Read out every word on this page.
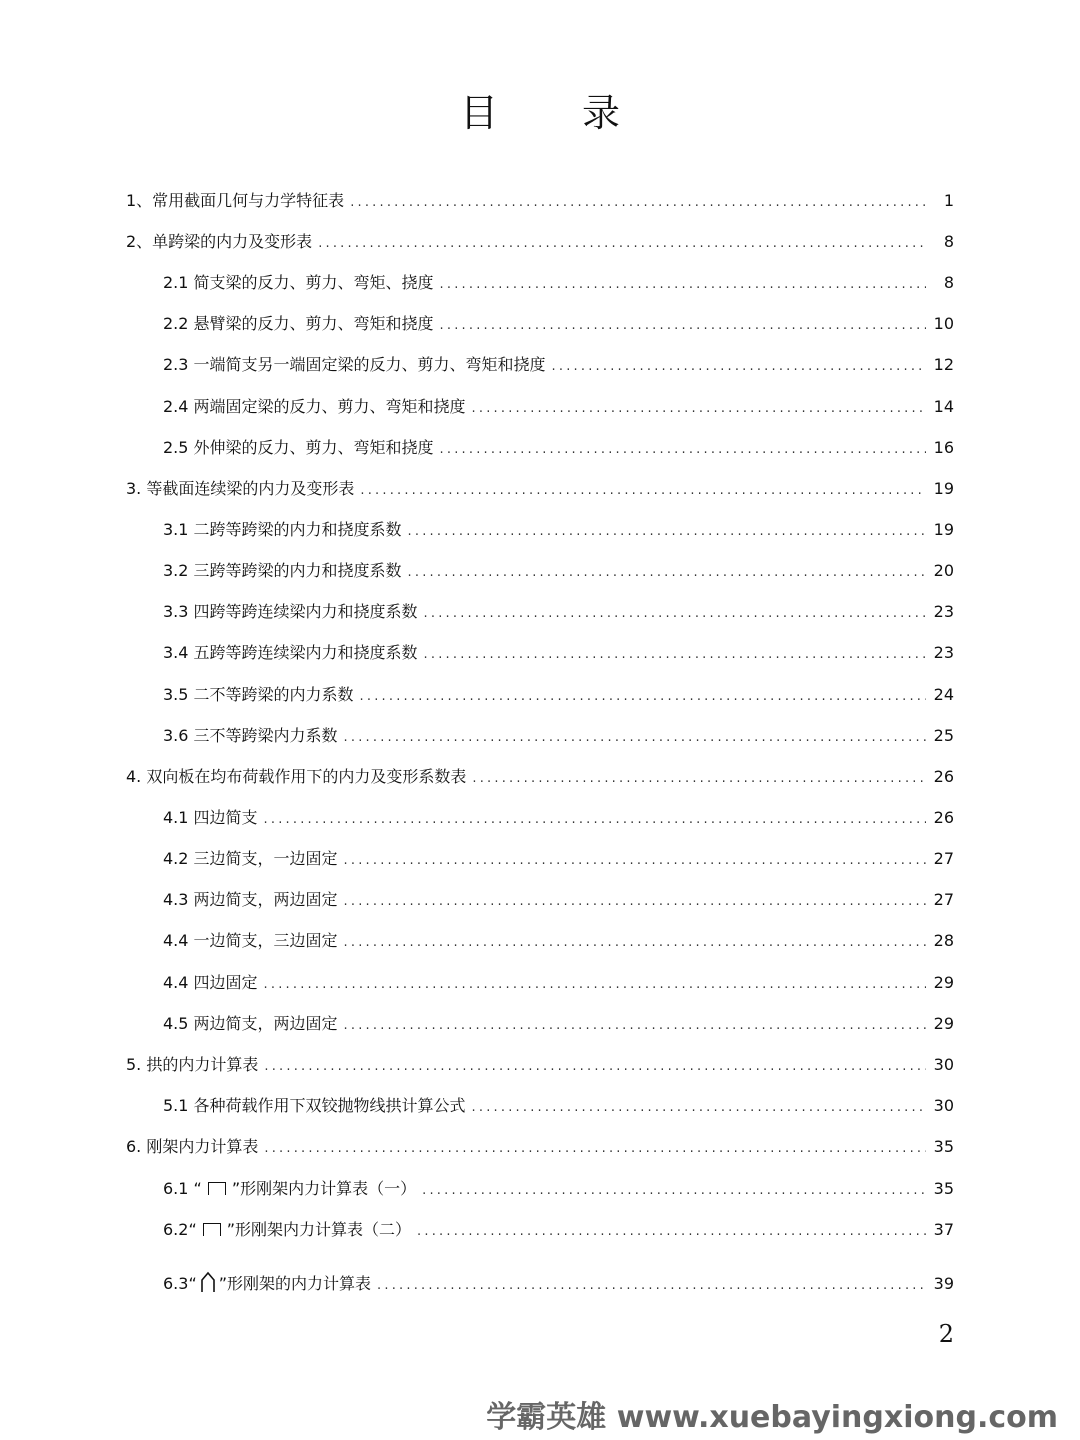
目 录
1、常用截面几何与力学特征表 .....	1
2、单跨梁的内力及变形表 .....	8
2.1 简支梁的反力、剪力、弯矩、挠度 .....	8
2.2 悬臂梁的反力、剪力、弯矩和挠度 .....	10
2.3 一端简支另一端固定梁的反力、剪力、弯矩和挠度 .....	12
2.4 两端固定梁的反力、剪力、弯矩和挠度 .....	14
2.5 外伸梁的反力、剪力、弯矩和挠度 .....	16
3. 等截面连续梁的内力及变形表 .....	19
3.1 二跨等跨梁的内力和挠度系数 .....	19
3.2 三跨等跨梁的内力和挠度系数 .....	20
3.3 四跨等跨连续梁内力和挠度系数 .....	23
3.4 五跨等跨连续梁内力和挠度系数 .....	23
3.5 二不等跨梁的内力系数 .....	24
3.6 三不等跨梁内力系数 .....	25
4. 双向板在均布荷载作用下的内力及变形系数表 .....	26
4.1 四边简支 .....	26
4.2 三边简支，一边固定 .....	27
4.3 两边简支，两边固定 .....	27
4.4 一边简支，三边固定 .....	28
4.4 四边固定 .....	29
4.5 两边简支，两边固定 .....	29
5. 拱的内力计算表 .....	30
5.1 各种荷载作用下双铰抛物线拱计算公式 .....	30
6. 刚架内力计算表 .....	35
6.1 “ ”形刚架内力计算表（一） .....	35
6.2“ ”形刚架内力计算表（二） .....	37
6.3“ ”形刚架的内力计算表 .....	39
2
学霸英雄 www.xuebayingxiong.com
